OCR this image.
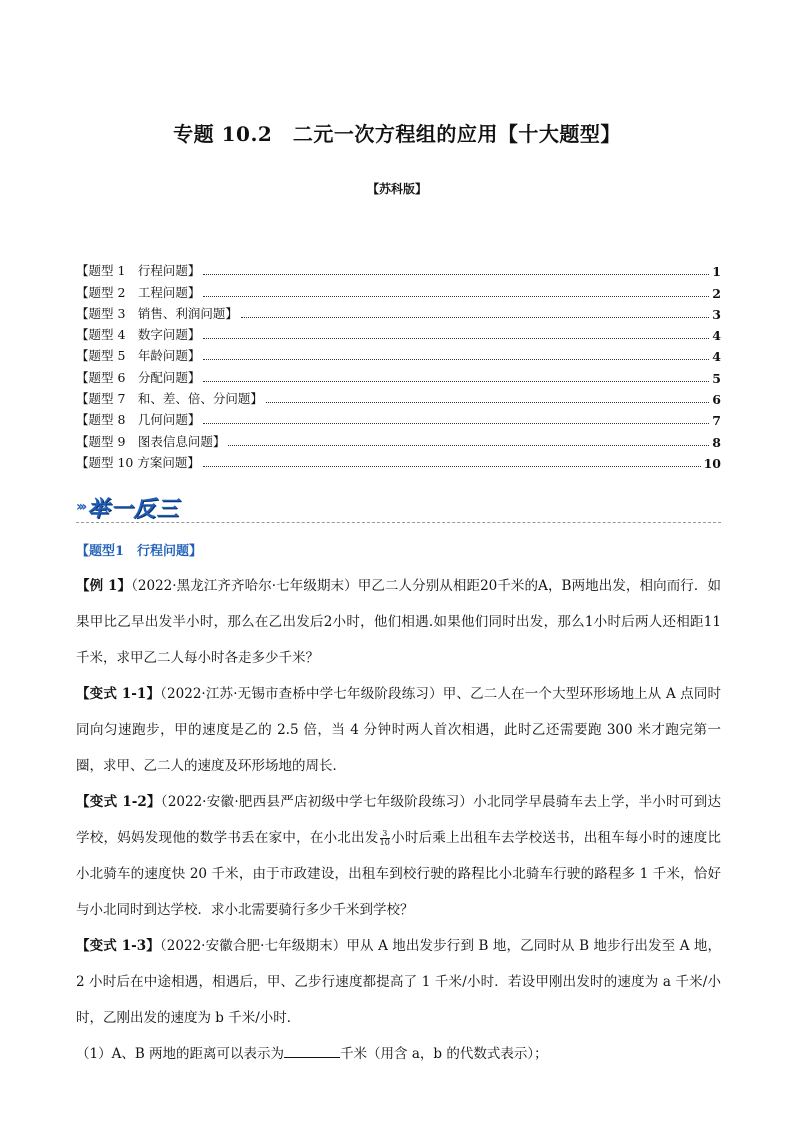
专题 10.2　二元一次方程组的应用【十大题型】
【苏科版】
【题型 1　行程问题】	1
【题型 2　工程问题】	2
【题型 3　销售、利润问题】	3
【题型 4　数字问题】	4
【题型 5　年龄问题】	4
【题型 6　分配问题】	5
【题型 7　和、差、倍、分问题】	6
【题型 8　几何问题】	7
【题型 9　图表信息问题】	8
【题型 10 方案问题】	10
››› 举一反三
【题型1　行程问题】

【例 1】（2022·黑龙江齐齐哈尔·七年级期末）甲乙二人分别从相距20千米的A，B两地出发，相向而行．如果甲比乙早出发半小时，那么在乙出发后2小时，他们相遇.如果他们同时出发，那么1小时后两人还相距11千米，求甲乙二人每小时各走多少千米？

【变式 1-1】（2022·江苏·无锡市查桥中学七年级阶段练习）甲、乙二人在一个大型环形场地上从 A 点同时同向匀速跑步，甲的速度是乙的 2.5 倍，当 4 分钟时两人首次相遇，此时乙还需要跑 300 米才跑完第一圈，求甲、乙二人的速度及环形场地的周长．

【变式 1-2】（2022·安徽·肥西县严店初级中学七年级阶段练习）小北同学早晨骑车去上学，半小时可到达学校，妈妈发现他的数学书丢在家中，在小北出发 $\frac{3}{10}$ 小时后乘上出租车去学校送书，出租车每小时的速度比小北骑车的速度快 20 千米，由于市政建设，出租车到校行驶的路程比小北骑车行驶的路程多 1 千米，恰好与小北同时到达学校．求小北需要骑行多少千米到学校？

【变式 1-3】（2022·安徽合肥·七年级期末）甲从 A 地出发步行到 B 地，乙同时从 B 地步行出发至 A 地，2 小时后在中途相遇，相遇后，甲、乙步行速度都提高了 1 千米/小时．若设甲刚出发时的速度为 a 千米/小时，乙刚出发的速度为 b 千米/小时．

（1）A、B 两地的距离可以表示为	千米（用含 a，b 的代数式表示）；
